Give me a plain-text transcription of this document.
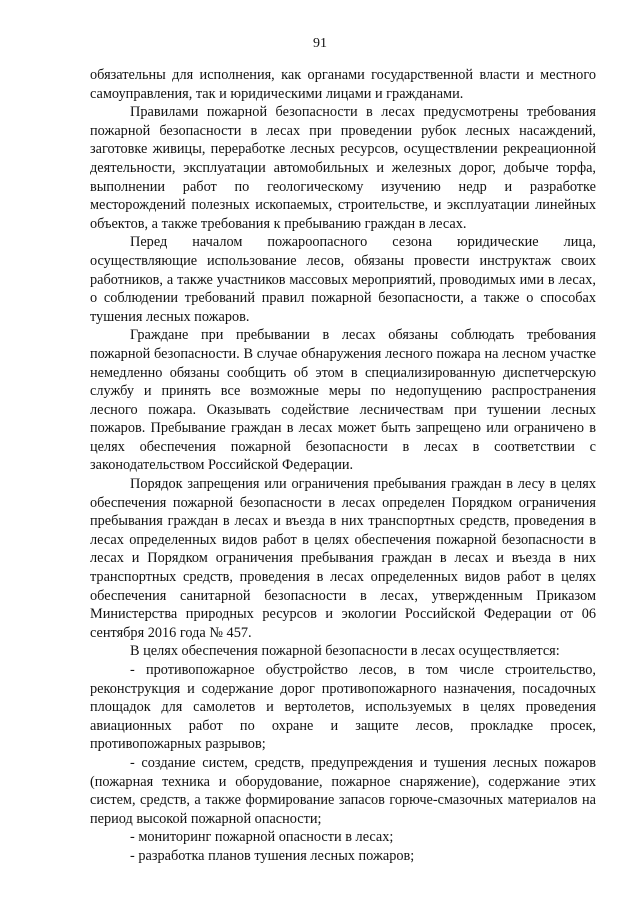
91

обязательны для исполнения, как органами государственной власти и местного самоуправления, так и юридическими лицами и гражданами.

Правилами пожарной безопасности в лесах предусмотрены требования пожарной безопасности в лесах при проведении рубок лесных насаждений, заготовке живицы, переработке лесных ресурсов, осуществлении рекреационной деятельности, эксплуатации автомобильных и железных дорог, добыче торфа, выполнении работ по геологическому изучению недр и разработке месторождений полезных ископаемых, строительстве, и эксплуатации линейных объектов, а также требования к пребыванию граждан в лесах.

Перед началом пожароопасного сезона юридические лица, осуществляющие использование лесов, обязаны провести инструктаж своих работников, а также участников массовых мероприятий, проводимых ими в лесах, о соблюдении требований правил пожарной безопасности, а также о способах тушения лесных пожаров.

Граждане при пребывании в лесах обязаны соблюдать требования пожарной безопасности. В случае обнаружения лесного пожара на лесном участке немедленно обязаны сообщить об этом в специализированную диспетчерскую службу и принять все возможные меры по недопущению распространения лесного пожара. Оказывать содействие лесничествам при тушении лесных пожаров. Пребывание граждан в лесах может быть запрещено или ограничено в целях обеспечения пожарной безопасности в лесах в соответствии с законодательством Российской Федерации.

Порядок запрещения или ограничения пребывания граждан в лесу в целях обеспечения пожарной безопасности в лесах определен Порядком ограничения пребывания граждан в лесах и въезда в них транспортных средств, проведения в лесах определенных видов работ в целях обеспечения пожарной безопасности в лесах и Порядком ограничения пребывания граждан в лесах и въезда в них транспортных средств, проведения в лесах определенных видов работ в целях обеспечения санитарной безопасности в лесах, утвержденным Приказом Министерства природных ресурсов и экологии Российской Федерации от 06 сентября 2016 года № 457.

В целях обеспечения пожарной безопасности в лесах осуществляется:

- противопожарное обустройство лесов, в том числе строительство, реконструкция и содержание дорог противопожарного назначения, посадочных площадок для самолетов и вертолетов, используемых в целях проведения авиационных работ по охране и защите лесов, прокладке просек, противопожарных разрывов;

- создание систем, средств, предупреждения и тушения лесных пожаров (пожарная техника и оборудование, пожарное снаряжение), содержание этих систем, средств, а также формирование запасов горюче-смазочных материалов на период высокой пожарной опасности;

- мониторинг пожарной опасности в лесах;

- разработка планов тушения лесных пожаров;
